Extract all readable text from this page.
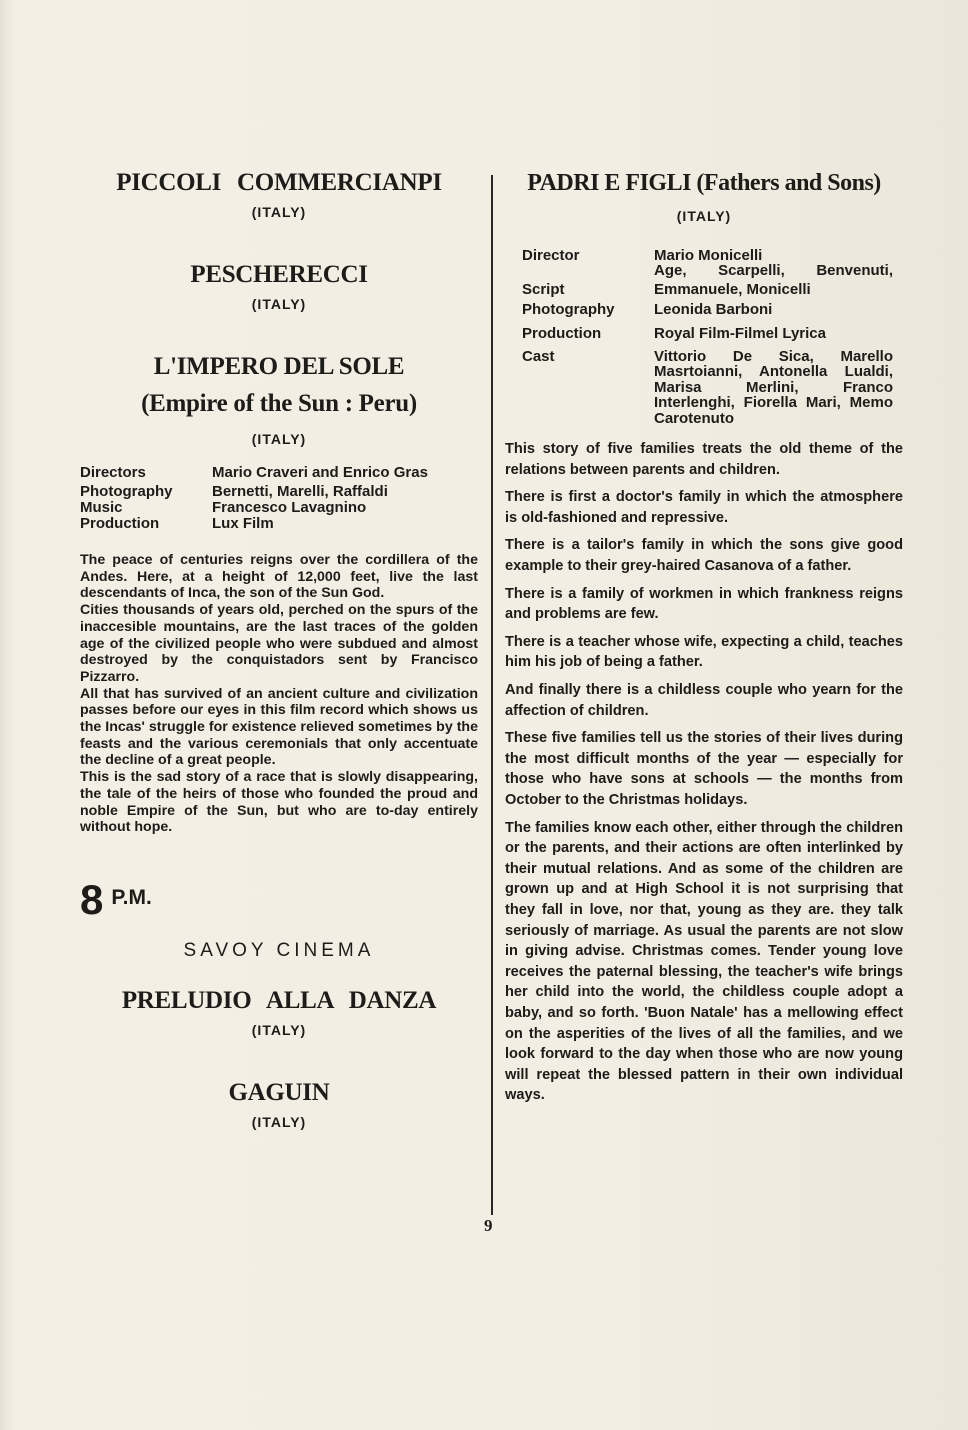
PICCOLI COMMERCIANPI
(ITALY)
PESCHERECCI
(ITALY)
L'IMPERO DEL SOLE
(Empire of the Sun : Peru)
(ITALY)
Directors	Mario Craveri and Enrico Gras
Photography	Bernetti, Marelli, Raffaldi
Music	Francesco Lavagnino
Production	Lux Film

The peace of centuries reigns over the cordillera of the Andes. Here, at a height of 12,000 feet, live the last descendants of Inca, the son of the Sun God.

Cities thousands of years old, perched on the spurs of the inaccesible mountains, are the last traces of the golden age of the civilized people who were subdued and almost destroyed by the conquistadors sent by Francisco Pizzarro.

All that has survived of an ancient culture and civilization passes before our eyes in this film record which shows us the Incas' struggle for existence relieved sometimes by the feasts and the various ceremonials that only accentuate the decline of a great people.

This is the sad story of a race that is slowly disappearing, the tale of the heirs of those who founded the proud and noble Empire of the Sun, but who are to-day entirely without hope.

8 P.M.
SAVOY CINEMA
PRELUDIO ALLA DANZA
(ITALY)
GAGUIN
(ITALY)
PADRI E FIGLI (Fathers and Sons)
(ITALY)
Director	Mario Monicelli
Age, Scarpelli, Benvenuti,
Script	Emmanuele, Monicelli
Photography	Leonida Barboni
Production	Royal Film-Filmel Lyrica
Cast	Vittorio De Sica, Marello Masrtoianni, Antonella Lualdi, Marisa Merlini, Franco Interlenghi, Fiorella Mari, Memo Carotenuto

This story of five families treats the old theme of the relations between parents and children.

There is first a doctor's family in which the atmosphere is old-fashioned and repressive.

There is a tailor's family in which the sons give good example to their grey-haired Casanova of a father.

There is a family of workmen in which frankness reigns and problems are few.

There is a teacher whose wife, expecting a child, teaches him his job of being a father.

And finally there is a childless couple who yearn for the affection of children.

These five families tell us the stories of their lives during the most difficult months of the year — especially for those who have sons at schools — the months from October to the Christmas holidays.

The families know each other, either through the children or the parents, and their actions are often interlinked by their mutual relations. And as some of the children are grown up and at High School it is not surprising that they fall in love, nor that, young as they are. they talk seriously of marriage. As usual the parents are not slow in giving advise. Christmas comes. Tender young love receives the paternal blessing, the teacher's wife brings her child into the world, the childless couple adopt a baby, and so forth. 'Buon Natale' has a mellowing effect on the asperities of the lives of all the families, and we look forward to the day when those who are now young will repeat the blessed pattern in their own individual ways.

9
